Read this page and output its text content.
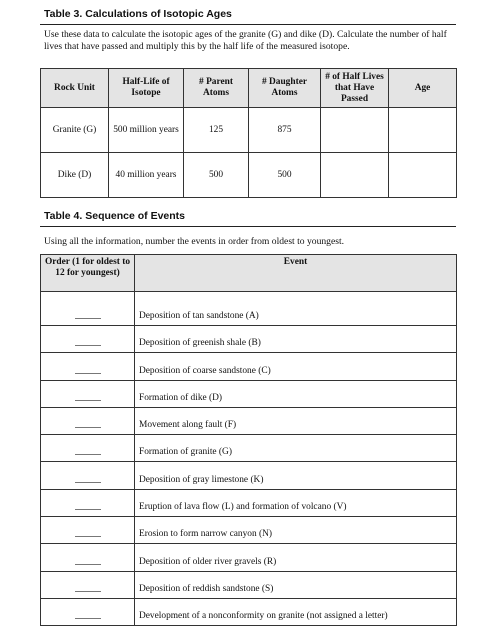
Table 3. Calculations of Isotopic Ages
Use these data to calculate the isotopic ages of the granite (G) and dike (D). Calculate the number of half lives that have passed and multiply this by the half life of the measured isotope.
Rock Unit	Half-Life of Isotope	# Parent Atoms	# Daughter Atoms	# of Half Lives that Have Passed	Age
Granite (G)	500 million years	125	875		
Dike (D)	40 million years	500	500		
Table 4. Sequence of Events
Using all the information, number the events in order from oldest to youngest.
Order (1 for oldest to 12 for youngest)	Event
	Deposition of tan sandstone (A)
	Deposition of greenish shale (B)
	Deposition of coarse sandstone (C)
	Formation of dike (D)
	Movement along fault (F)
	Formation of granite (G)
	Deposition of gray limestone (K)
	Eruption of lava flow (L) and formation of volcano (V)
	Erosion to form narrow canyon (N)
	Deposition of older river gravels (R)
	Deposition of reddish sandstone (S)
	Development of a nonconformity on granite (not assigned a letter)
